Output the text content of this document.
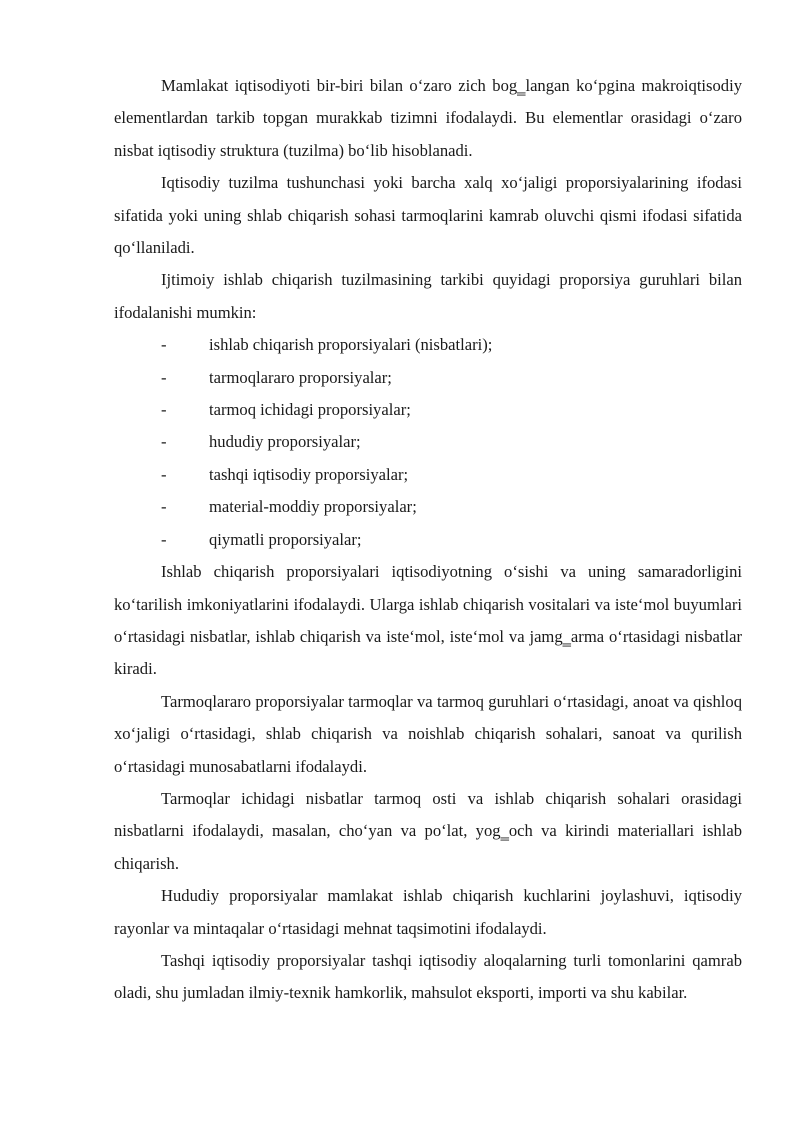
Mamlakat iqtisodiyoti bir-biri bilan o‘zaro zich bog‗langan ko‘pgina makroiqtisodiy elementlardan tarkib topgan murakkab tizimni ifodalaydi. Bu elementlar orasidagi o‘zaro nisbat iqtisodiy struktura (tuzilma) bo‘lib hisoblanadi.

Iqtisodiy tuzilma tushunchasi yoki barcha xalq xo‘jaligi proporsiyalarining ifodasi sifatida yoki uning shlab chiqarish sohasi tarmoqlarini kamrab oluvchi qismi ifodasi sifatida qo‘llaniladi.

Ijtimoiy ishlab chiqarish tuzilmasining tarkibi quyidagi proporsiya guruhlari bilan ifodalanishi mumkin:

-	ishlab chiqarish proporsiyalari (nisbatlari);
-	tarmoqlararo proporsiyalar;
-	tarmoq ichidagi proporsiyalar;
-	hududiy proporsiyalar;
-	tashqi iqtisodiy proporsiyalar;
-	material-moddiy proporsiyalar;
-	qiymatli proporsiyalar;

Ishlab chiqarish proporsiyalari iqtisodiyotning o‘sishi va uning samaradorligini ko‘tarilish imkoniyatlarini ifodalaydi. Ularga ishlab chiqarish vositalari va iste‘mol buyumlari o‘rtasidagi nisbatlar, ishlab chiqarish va iste‘mol, iste‘mol va jamg‗arma o‘rtasidagi nisbatlar kiradi.

Tarmoqlararo proporsiyalar tarmoqlar va tarmoq guruhlari o‘rtasidagi, anoat va qishloq xo‘jaligi o‘rtasidagi, shlab chiqarish va noishlab chiqarish sohalari, sanoat va qurilish o‘rtasidagi munosabatlarni ifodalaydi.

Tarmoqlar ichidagi nisbatlar tarmoq osti va ishlab chiqarish sohalari orasidagi nisbatlarni ifodalaydi, masalan, cho‘yan va po‘lat, yog‗och va kirindi materiallari ishlab chiqarish.

Hududiy proporsiyalar mamlakat ishlab chiqarish kuchlarini joylashuvi, iqtisodiy rayonlar va mintaqalar o‘rtasidagi mehnat taqsimotini ifodalaydi.

Tashqi iqtisodiy proporsiyalar tashqi iqtisodiy aloqalarning turli tomonlarini qamrab oladi, shu jumladan ilmiy-texnik hamkorlik, mahsulot eksporti, importi va shu kabilar.
